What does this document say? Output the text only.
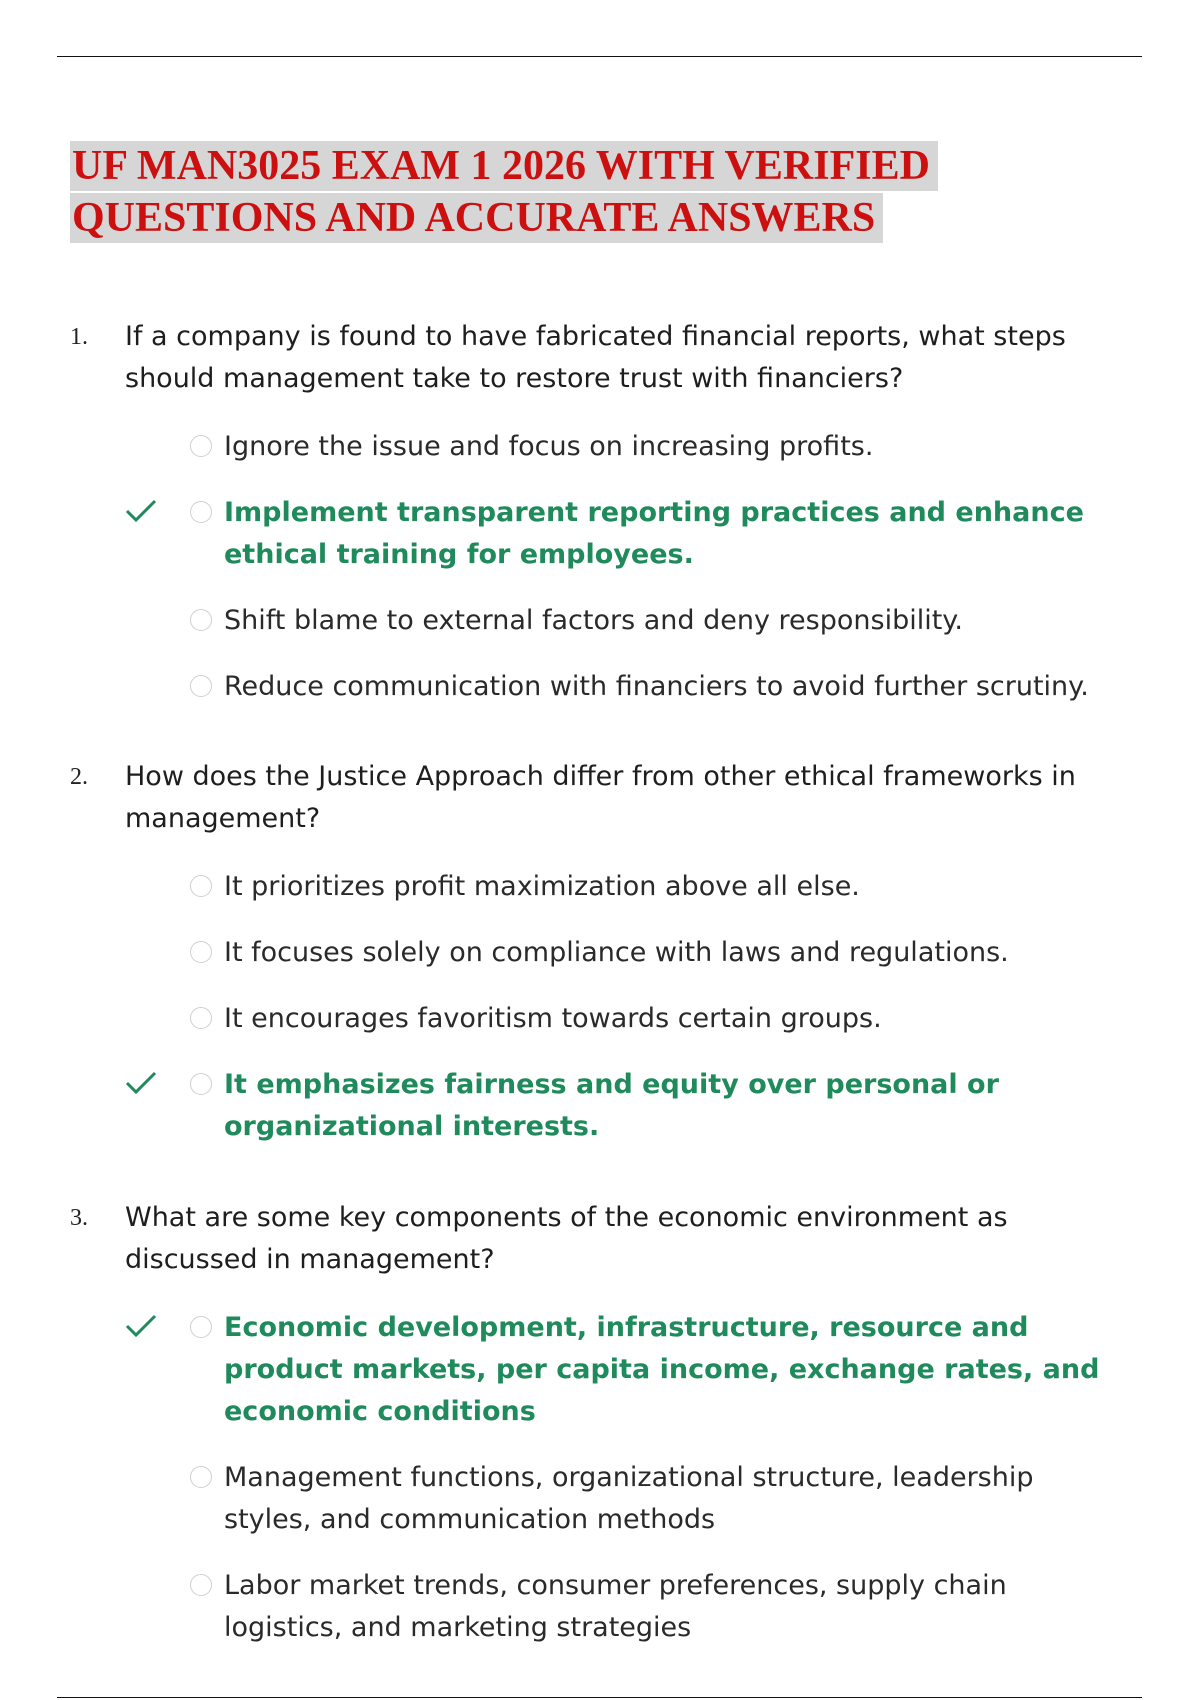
UF MAN3025 EXAM 1 2026 WITH VERIFIED
QUESTIONS AND ACCURATE ANSWERS
1.	If a company is found to have fabricated financial reports, what steps should management take to restore trust with financiers?

Ignore the issue and focus on increasing profits.

Implement transparent reporting practices and enhance ethical training for employees.

Shift blame to external factors and deny responsibility.

Reduce communication with financiers to avoid further scrutiny.

2.	How does the Justice Approach differ from other ethical frameworks in management?

It prioritizes profit maximization above all else.

It focuses solely on compliance with laws and regulations.

It encourages favoritism towards certain groups.

It emphasizes fairness and equity over personal or organizational interests.

3.	What are some key components of the economic environment as discussed in management?

Economic development, infrastructure, resource and product markets, per capita income, exchange rates, and economic conditions

Management functions, organizational structure, leadership styles, and communication methods

Labor market trends, consumer preferences, supply chain logistics, and marketing strategies
